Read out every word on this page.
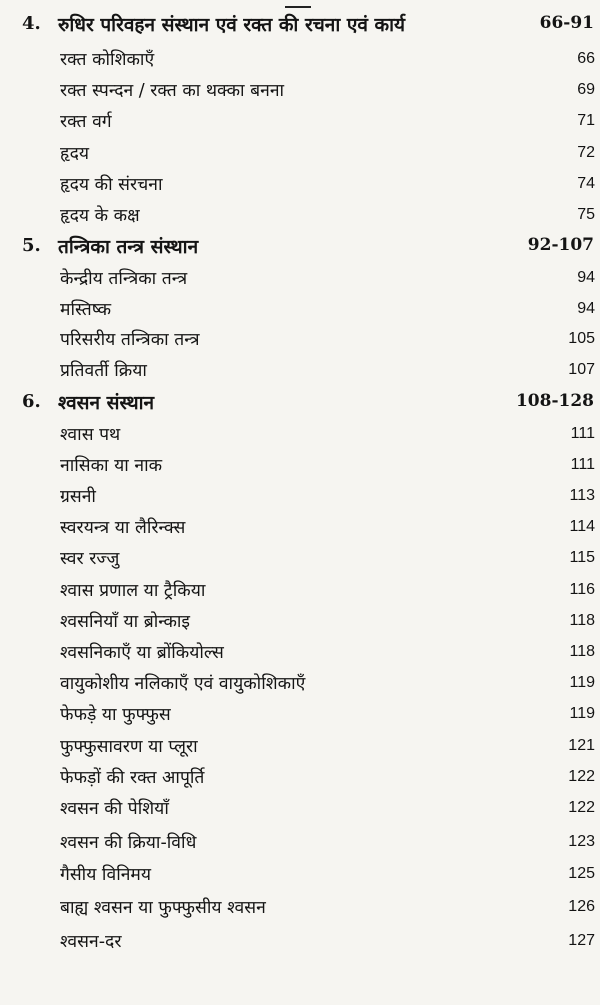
4. रुधिर परिवहन संस्थान एवं रक्त की रचना एवं कार्य	66-91
रक्त कोशिकाएँ	66
रक्त स्पन्दन / रक्त का थक्का बनना	69
रक्त वर्ग	71
हृदय	72
हृदय की संरचना	74
हृदय के कक्ष	75
5. तन्त्रिका तन्त्र संस्थान	92-107
केन्द्रीय तन्त्रिका तन्त्र	94
मस्तिष्क	94
परिसरीय तन्त्रिका तन्त्र	105
प्रतिवर्ती क्रिया	107
6. श्वसन संस्थान	108-128
श्वास पथ	111
नासिका या नाक	111
ग्रसनी	113
स्वरयन्त्र या लैरिन्क्स	114
स्वर रज्जु	115
श्वास प्रणाल या ट्रैकिया	116
श्वसनियाँ या ब्रोन्काइ	118
श्वसनिकाएँ या ब्रोंकियोल्स	118
वायुकोशीय नलिकाएँ एवं वायुकोशिकाएँ	119
फेफड़े या फुफ्फुस	119
फुफ्फुसावरण या प्लूरा	121
फेफड़ों की रक्त आपूर्ति	122
श्वसन की पेशियाँ	122
श्वसन की क्रिया-विधि	123
गैसीय विनिमय	125
बाह्य श्वसन या फुफ्फुसीय श्वसन	126
श्वसन-दर	127
